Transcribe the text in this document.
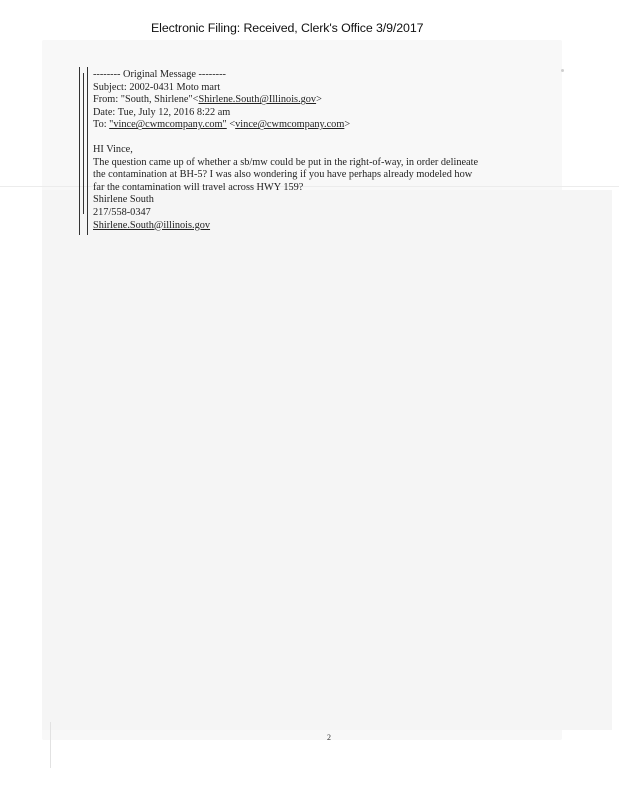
Electronic Filing: Received, Clerk's Office 3/9/2017
-------- Original Message --------
Subject: 2002-0431 Moto mart
From: "South, Shirlene"<Shirlene.South@Illinois.gov>
Date: Tue, July 12, 2016 8:22 am
To: "vince@cwmcompany.com" <vince@cwmcompany.com>
HI Vince,
The question came up of whether a sb/mw could be put in the right-of-way, in order delineate
the contamination at BH-5? I was also wondering if you have perhaps already modeled how
far the contamination will travel across HWY 159?
Shirlene South
217/558-0347
Shirlene.South@illinois.gov
2
